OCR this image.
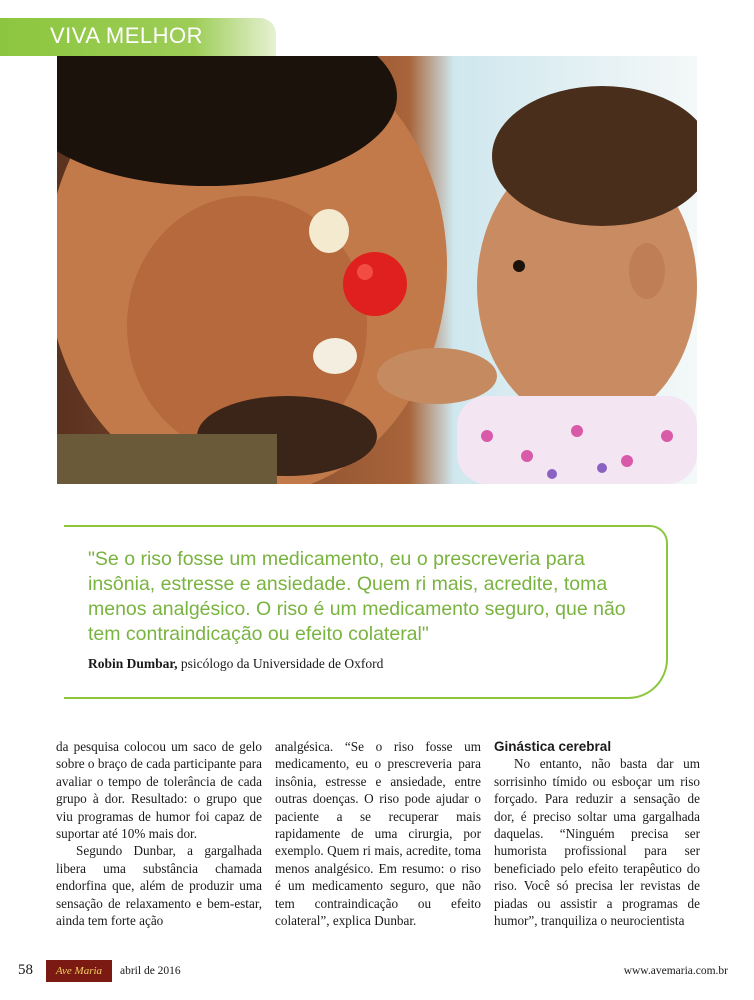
VIVA MELHOR
"Se o riso fosse um medicamento, eu o prescreveria para insônia, estresse e ansiedade. Quem ri mais, acredite, toma menos analgésico. O riso é um medicamento seguro, que não tem contraindicação ou efeito colateral"
Robin Dumbar, psicólogo da Universidade de Oxford

da pesquisa colocou um saco de gelo sobre o braço de cada participante para avaliar o tempo de tolerância de cada grupo à dor. Resultado: o grupo que viu programas de humor foi capaz de suportar até 10% mais dor.

Segundo Dunbar, a gargalhada libera uma substância chamada endorfina que, além de produzir uma sensação de relaxamento e bem-estar, ainda tem forte ação

analgésica. “Se o riso fosse um medicamento, eu o prescreveria para insônia, estresse e ansiedade, entre outras doenças. O riso pode ajudar o paciente a se recuperar mais rapidamente de uma cirurgia, por exemplo. Quem ri mais, acredite, toma menos analgésico. Em resumo: o riso é um medicamento seguro, que não tem contraindicação ou efeito colateral”, explica Dunbar.

Ginástica cerebral

No entanto, não basta dar um sorrisinho tímido ou esboçar um riso forçado. Para reduzir a sensação de dor, é preciso soltar uma gargalhada daquelas. “Ninguém precisa ser humorista profissional para ser beneficiado pelo efeito terapêutico do riso. Você só precisa ler revistas de piadas ou assistir a programas de humor”, tranquiliza o neurocientista

58	Ave Maria	abril de 2016	www.avemaria.com.br
